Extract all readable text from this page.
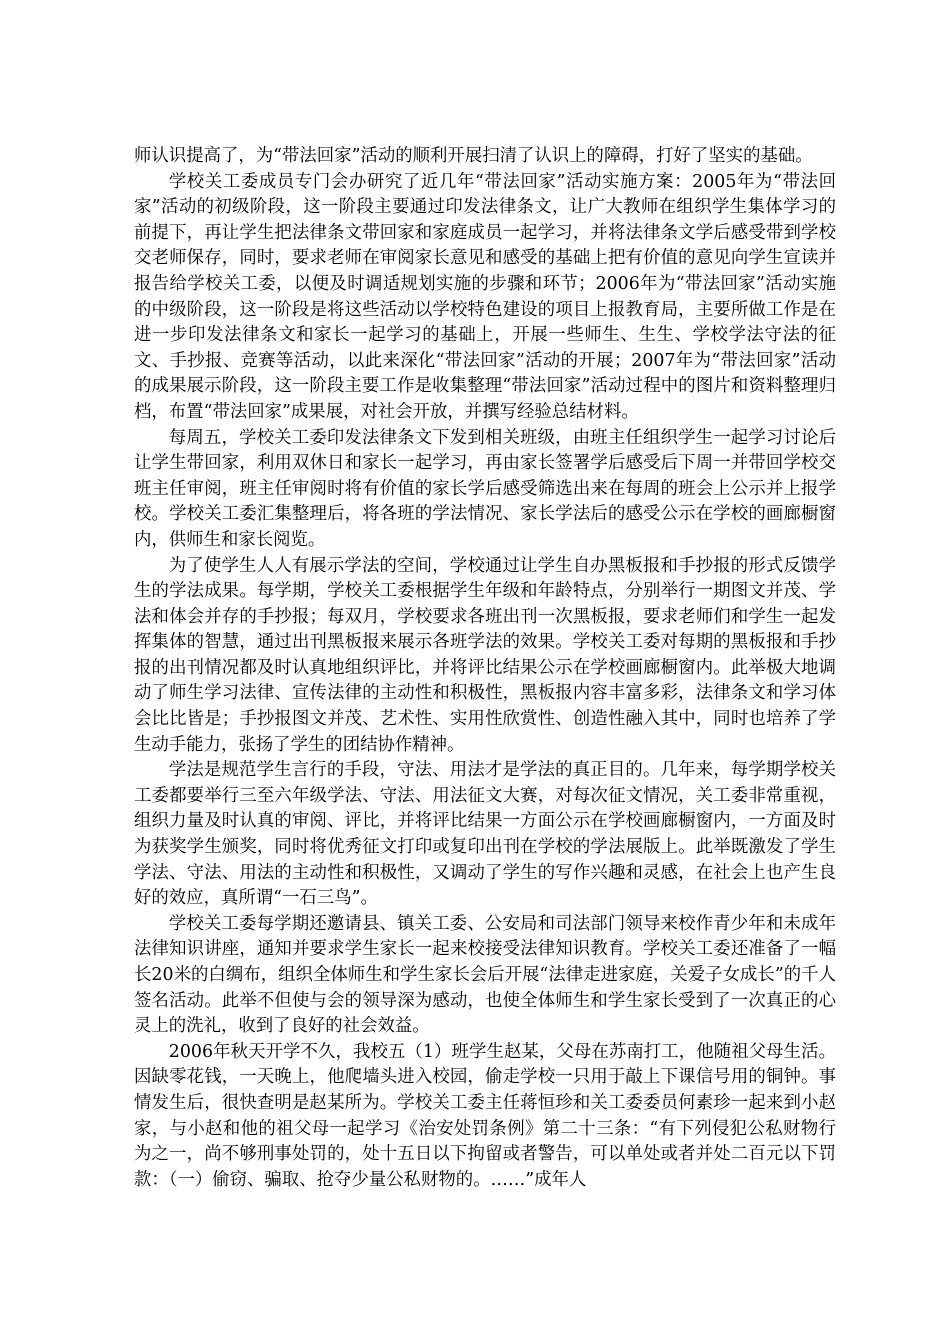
师认识提高了，为“带法回家”活动的顺利开展扫清了认识上的障碍，打好了坚实的基础。

学校关工委成员专门会办研究了近几年“带法回家”活动实施方案：2005年为“带法回家”活动的初级阶段，这一阶段主要通过印发法律条文，让广大教师在组织学生集体学习的前提下，再让学生把法律条文带回家和家庭成员一起学习，并将法律条文学后感受带到学校交老师保存，同时，要求老师在审阅家长意见和感受的基础上把有价值的意见向学生宣读并报告给学校关工委，以便及时调适规划实施的步骤和环节；2006年为“带法回家”活动实施的中级阶段，这一阶段是将这些活动以学校特色建设的项目上报教育局，主要所做工作是在进一步印发法律条文和家长一起学习的基础上，开展一些师生、生生、学校学法守法的征文、手抄报、竞赛等活动，以此来深化“带法回家”活动的开展；2007年为“带法回家”活动的成果展示阶段，这一阶段主要工作是收集整理“带法回家”活动过程中的图片和资料整理归档，布置“带法回家”成果展，对社会开放，并撰写经验总结材料。

每周五，学校关工委印发法律条文下发到相关班级，由班主任组织学生一起学习讨论后让学生带回家，利用双休日和家长一起学习，再由家长签署学后感受后下周一并带回学校交班主任审阅，班主任审阅时将有价值的家长学后感受筛选出来在每周的班会上公示并上报学校。学校关工委汇集整理后，将各班的学法情况、家长学法后的感受公示在学校的画廊橱窗内，供师生和家长阅览。

为了使学生人人有展示学法的空间，学校通过让学生自办黑板报和手抄报的形式反馈学生的学法成果。每学期，学校关工委根据学生年级和年龄特点，分别举行一期图文并茂、学法和体会并存的手抄报；每双月，学校要求各班出刊一次黑板报，要求老师们和学生一起发挥集体的智慧，通过出刊黑板报来展示各班学法的效果。学校关工委对每期的黑板报和手抄报的出刊情况都及时认真地组织评比，并将评比结果公示在学校画廊橱窗内。此举极大地调动了师生学习法律、宣传法律的主动性和积极性，黑板报内容丰富多彩，法律条文和学习体会比比皆是；手抄报图文并茂、艺术性、实用性欣赏性、创造性融入其中，同时也培养了学生动手能力，张扬了学生的团结协作精神。

学法是规范学生言行的手段，守法、用法才是学法的真正目的。几年来，每学期学校关工委都要举行三至六年级学法、守法、用法征文大赛，对每次征文情况，关工委非常重视，组织力量及时认真的审阅、评比，并将评比结果一方面公示在学校画廊橱窗内，一方面及时为获奖学生颁奖，同时将优秀征文打印或复印出刊在学校的学法展版上。此举既激发了学生学法、守法、用法的主动性和积极性，又调动了学生的写作兴趣和灵感，在社会上也产生良好的效应，真所谓“一石三鸟”。

学校关工委每学期还邀请县、镇关工委、公安局和司法部门领导来校作青少年和未成年法律知识讲座，通知并要求学生家长一起来校接受法律知识教育。学校关工委还准备了一幅长20米的白绸布，组织全体师生和学生家长会后开展“法律走进家庭，关爱子女成长”的千人签名活动。此举不但使与会的领导深为感动，也使全体师生和学生家长受到了一次真正的心灵上的洗礼，收到了良好的社会效益。

2006年秋天开学不久，我校五（1）班学生赵某，父母在苏南打工，他随祖父母生活。因缺零花钱，一天晚上，他爬墙头进入校园，偷走学校一只用于敲上下课信号用的铜钟。事情发生后，很快查明是赵某所为。学校关工委主任蒋恒珍和关工委委员何素珍一起来到小赵家，与小赵和他的祖父母一起学习《治安处罚条例》第二十三条：“有下列侵犯公私财物行为之一，尚不够刑事处罚的，处十五日以下拘留或者警告，可以单处或者并处二百元以下罚款：（一）偷窃、骗取、抢夺少量公私财物的。……”成年人
